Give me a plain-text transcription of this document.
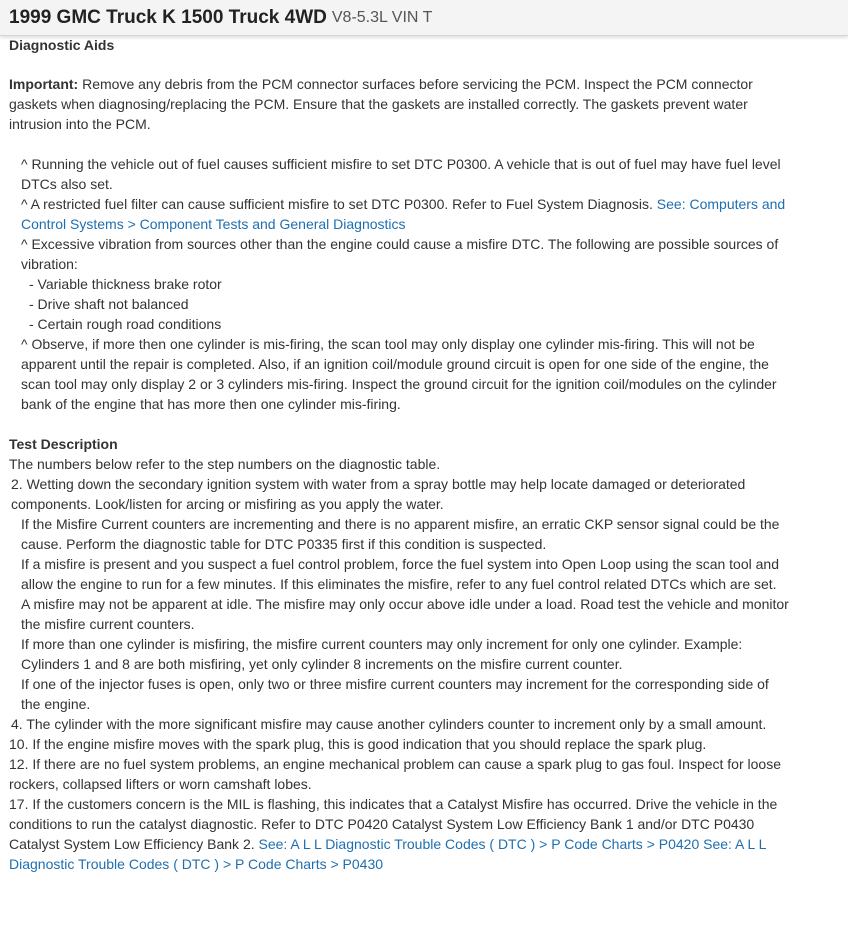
1999 GMC Truck K 1500 Truck 4WD V8-5.3L VIN T
Diagnostic Aids

Important: Remove any debris from the PCM connector surfaces before servicing the PCM. Inspect the PCM connector gaskets when diagnosing/replacing the PCM. Ensure that the gaskets are installed correctly. The gaskets prevent water intrusion into the PCM.

^ Running the vehicle out of fuel causes sufficient misfire to set DTC P0300. A vehicle that is out of fuel may have fuel level DTCs also set.

^ A restricted fuel filter can cause sufficient misfire to set DTC P0300. Refer to Fuel System Diagnosis. See: Computers and Control Systems > Component Tests and General Diagnostics

^ Excessive vibration from sources other than the engine could cause a misfire DTC. The following are possible sources of vibration:

- Variable thickness brake rotor

- Drive shaft not balanced

- Certain rough road conditions

^ Observe, if more then one cylinder is mis-firing, the scan tool may only display one cylinder mis-firing. This will not be apparent until the repair is completed. Also, if an ignition coil/module ground circuit is open for one side of the engine, the scan tool may only display 2 or 3 cylinders mis-firing. Inspect the ground circuit for the ignition coil/modules on the cylinder bank of the engine that has more then one cylinder mis-firing.

Test Description

The numbers below refer to the step numbers on the diagnostic table.

2. Wetting down the secondary ignition system with water from a spray bottle may help locate damaged or deteriorated components. Look/listen for arcing or misfiring as you apply the water.

If the Misfire Current counters are incrementing and there is no apparent misfire, an erratic CKP sensor signal could be the cause. Perform the diagnostic table for DTC P0335 first if this condition is suspected.

If a misfire is present and you suspect a fuel control problem, force the fuel system into Open Loop using the scan tool and allow the engine to run for a few minutes. If this eliminates the misfire, refer to any fuel control related DTCs which are set.

A misfire may not be apparent at idle. The misfire may only occur above idle under a load. Road test the vehicle and monitor the misfire current counters.

If more than one cylinder is misfiring, the misfire current counters may only increment for only one cylinder. Example: Cylinders 1 and 8 are both misfiring, yet only cylinder 8 increments on the misfire current counter.

If one of the injector fuses is open, only two or three misfire current counters may increment for the corresponding side of the engine.

4. The cylinder with the more significant misfire may cause another cylinders counter to increment only by a small amount.

10. If the engine misfire moves with the spark plug, this is good indication that you should replace the spark plug.

12. If there are no fuel system problems, an engine mechanical problem can cause a spark plug to gas foul. Inspect for loose rockers, collapsed lifters or worn camshaft lobes.

17. If the customers concern is the MIL is flashing, this indicates that a Catalyst Misfire has occurred. Drive the vehicle in the conditions to run the catalyst diagnostic. Refer to DTC P0420 Catalyst System Low Efficiency Bank 1 and/or DTC P0430 Catalyst System Low Efficiency Bank 2. See: A L L Diagnostic Trouble Codes ( DTC ) > P Code Charts > P0420 See: A L L Diagnostic Trouble Codes ( DTC ) > P Code Charts > P0430
